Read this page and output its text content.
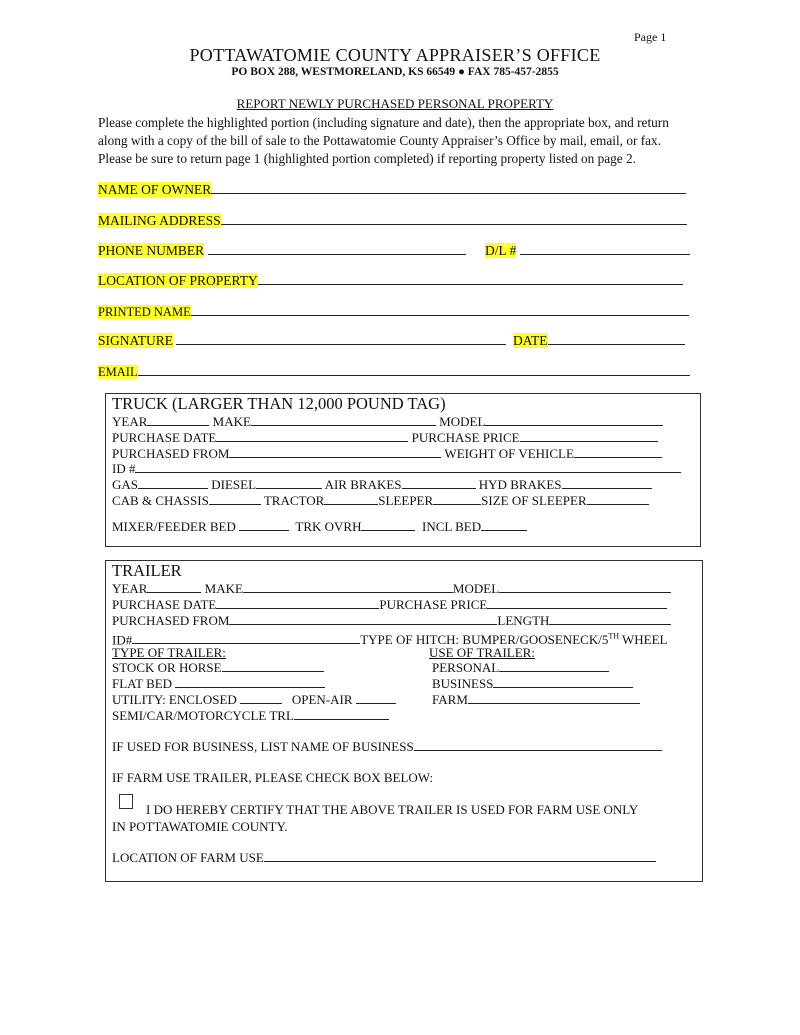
Page 1
POTTAWATOMIE COUNTY APPRAISER’S OFFICE
PO BOX 288, WESTMORELAND, KS 66549 ● FAX 785-457-2855
REPORT NEWLY PURCHASED PERSONAL PROPERTY
Please complete the highlighted portion (including signature and date), then the appropriate box, and return
along with a copy of the bill of sale to the Pottawatomie County Appraiser’s Office by mail, email, or fax.
Please be sure to return page 1 (highlighted portion completed) if reporting property listed on page 2.
NAME OF OWNER
MAILING ADDRESS
PHONE NUMBER	D/L #
LOCATION OF PROPERTY
PRINTED NAME
SIGNATURE	DATE
EMAIL
TRUCK (LARGER THAN 12,000 POUND TAG)
YEAR	MAKE	MODEL
PURCHASE DATE	PURCHASE PRICE
PURCHASED FROM	WEIGHT OF VEHICLE
ID #
GAS	DIESEL	AIR BRAKES	HYD BRAKES
CAB & CHASSIS	TRACTOR	SLEEPER	SIZE OF SLEEPER
MIXER/FEEDER BED	TRK OVRH	INCL BED
TRAILER
YEAR	MAKE	MODEL
PURCHASE DATE	PURCHASE PRICE
PURCHASED FROM	LENGTH
ID#	TYPE OF HITCH: BUMPER/GOOSENECK/5TH WHEEL
TYPE OF TRAILER:	USE OF TRAILER:
STOCK OR HORSE	PERSONAL
FLAT BED	BUSINESS
UTILITY: ENCLOSED	OPEN-AIR	FARM
SEMI/CAR/MOTORCYCLE TRL
IF USED FOR BUSINESS, LIST NAME OF BUSINESS
IF FARM USE TRAILER, PLEASE CHECK BOX BELOW:
I DO HEREBY CERTIFY THAT THE ABOVE TRAILER IS USED FOR FARM USE ONLY
IN POTTAWATOMIE COUNTY.
LOCATION OF FARM USE
